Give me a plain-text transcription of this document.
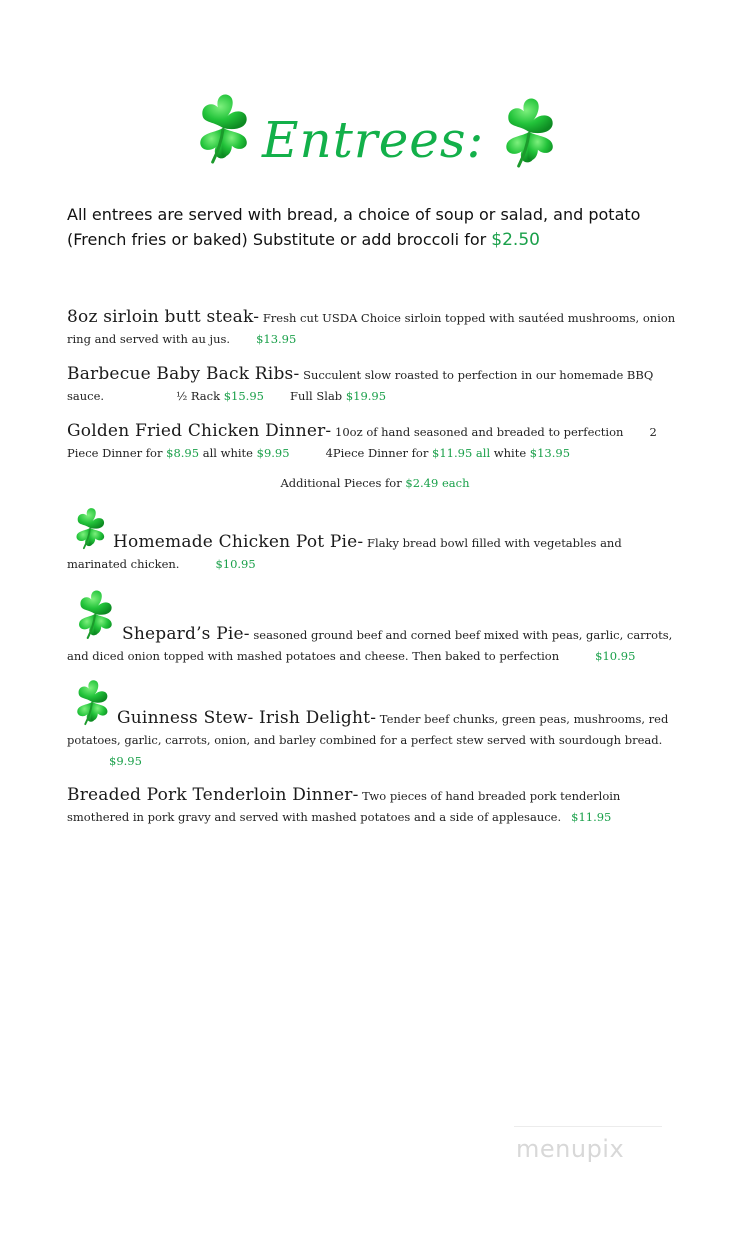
Entrees:
All entrees are served with bread, a choice of soup or salad, and potato (French fries or baked) Substitute or add broccoli for $2.50
8oz sirloin butt steak- Fresh cut USDA Choice sirloin topped with sautéed mushrooms, onion ring and served with au jus. $13.95
Barbecue Baby Back Ribs- Succulent slow roasted to perfection in our homemade BBQ sauce.	½ Rack $15.95 Full Slab $19.95
Golden Fried Chicken Dinner- 10oz of hand seasoned and breaded to perfection 2 Piece Dinner for $8.95 all white $9.95	4Piece Dinner for $11.95 all white $13.95
Additional Pieces for $2.49 each
Homemade Chicken Pot Pie- Flaky bread bowl filled with vegetables and marinated chicken.	$10.95
Shepard’s Pie- seasoned ground beef and corned beef mixed with peas, garlic, carrots, and diced onion topped with mashed potatoes and cheese. Then baked to perfection	$10.95
Guinness Stew- Irish Delight- Tender beef chunks, green peas, mushrooms, red potatoes, garlic, carrots, onion, and barley combined for a perfect stew served with sourdough bread.
$9.95
Breaded Pork Tenderloin Dinner- Two pieces of hand breaded pork tenderloin smothered in pork gravy and served with mashed potatoes and a side of applesauce. $11.95
menupix
